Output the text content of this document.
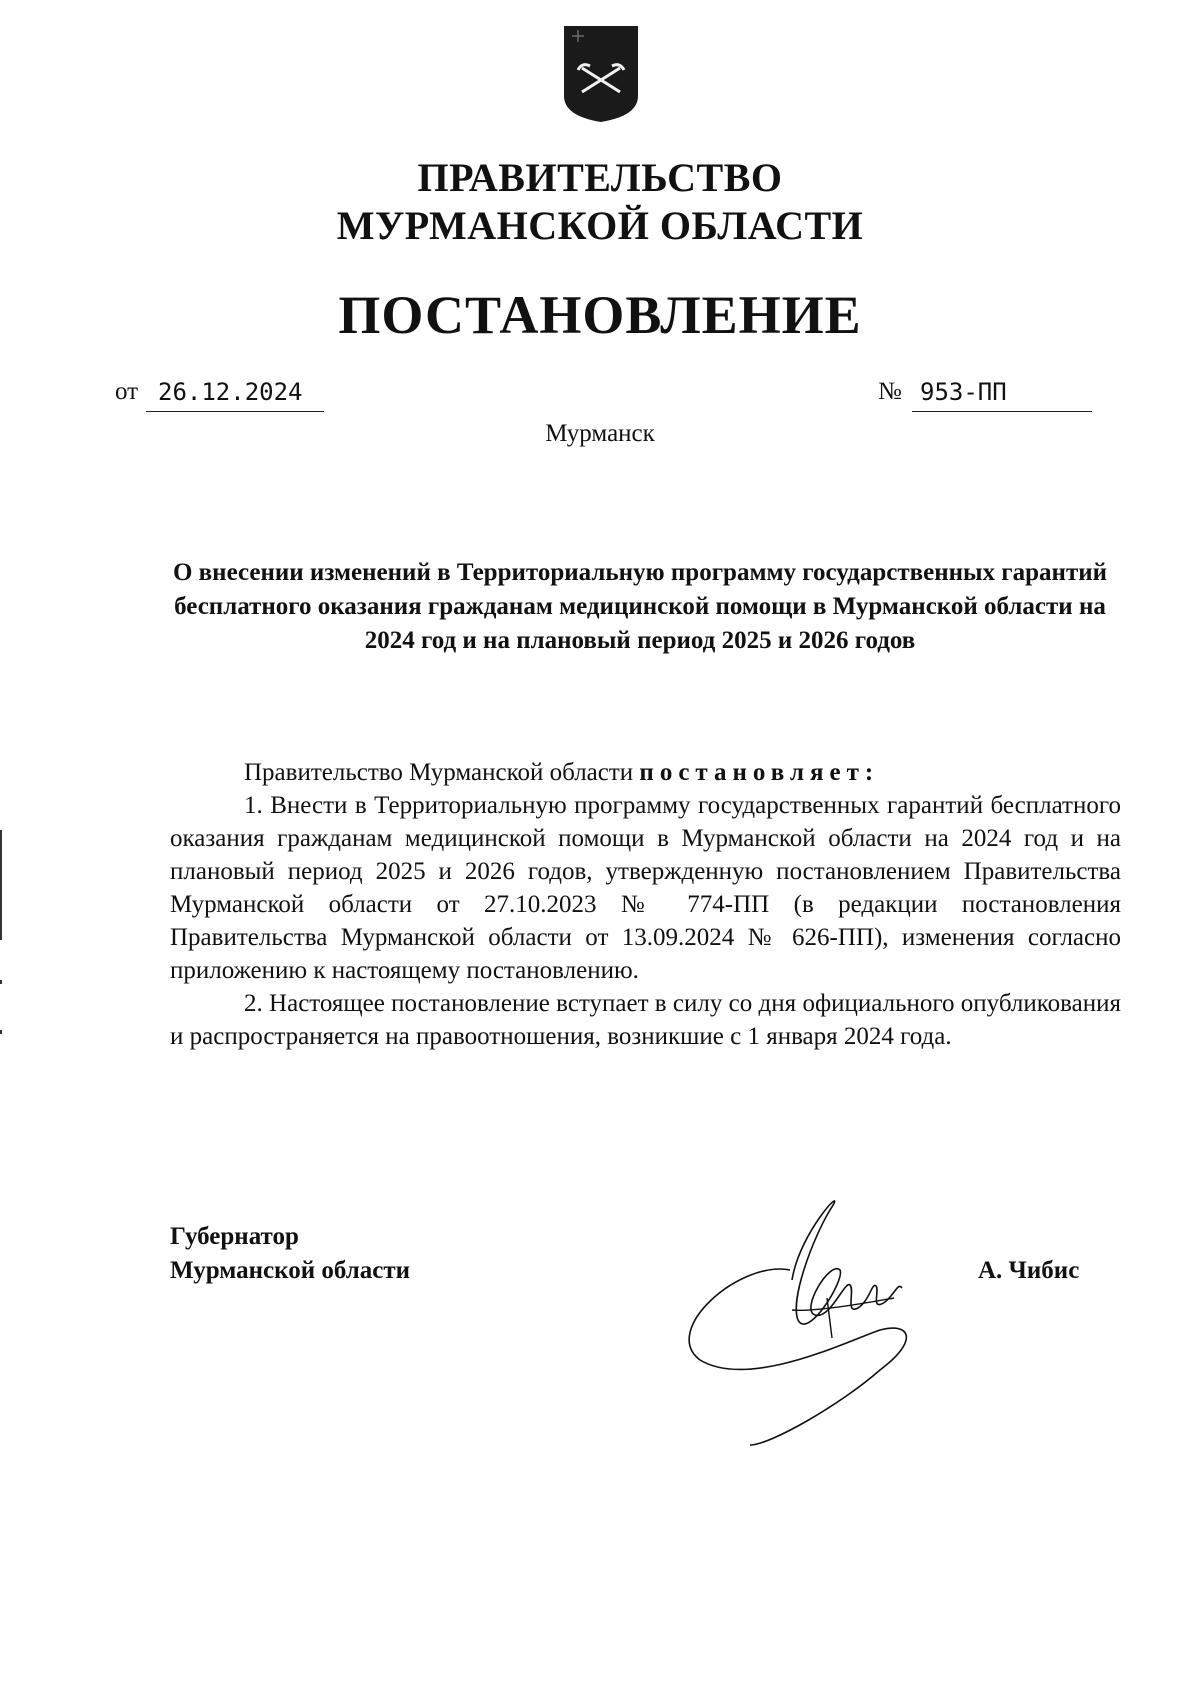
ПРАВИТЕЛЬСТВО
МУРМАНСКОЙ ОБЛАСТИ
ПОСТАНОВЛЕНИЕ
от 26.12.2024	№ 953-ПП
Мурманск
О внесении изменений в Территориальную программу государственных гарантий бесплатного оказания гражданам медицинской помощи в Мурманской области на 2024 год и на плановый период 2025 и 2026 годов

Правительство Мурманской области постановляет:

1. Внести в Территориальную программу государственных гарантий бесплатного оказания гражданам медицинской помощи в Мурманской области на 2024 год и на плановый период 2025 и 2026 годов, утвержденную постановлением Правительства Мурманской области от 27.10.2023 № 774-ПП (в редакции постановления Правительства Мурманской области от 13.09.2024 № 626-ПП), изменения согласно приложению к настоящему постановлению.

2. Настоящее постановление вступает в силу со дня официального опубликования и распространяется на правоотношения, возникшие с 1 января 2024 года.

Губернатор
Мурманской области	А. Чибис
